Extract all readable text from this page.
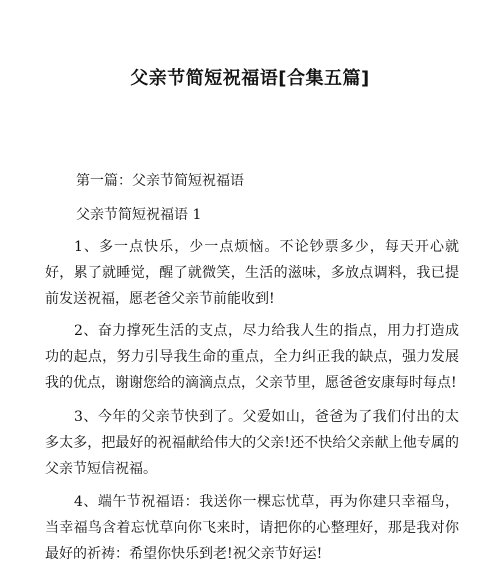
父亲节简短祝福语[合集五篇]
第一篇：父亲节简短祝福语
父亲节简短祝福语 1

1、多一点快乐，少一点烦恼。不论钞票多少，每天开心就好，累了就睡觉，醒了就微笑，生活的滋味，多放点调料，我已提前发送祝福，愿老爸父亲节前能收到!

2、奋力撑死生活的支点，尽力给我人生的指点，用力打造成功的起点，努力引导我生命的重点，全力纠正我的缺点，强力发展我的优点，谢谢您给的滴滴点点，父亲节里，愿爸爸安康每时每点!

3、今年的父亲节快到了。父爱如山，爸爸为了我们付出的太多太多，把最好的祝福献给伟大的父亲!还不快给父亲献上他专属的父亲节短信祝福。

4、端午节祝福语：我送你一棵忘忧草，再为你建只幸福鸟，当幸福鸟含着忘忧草向你飞来时，请把你的心整理好，那是我对你最好的祈祷：希望你快乐到老!祝父亲节好运!
